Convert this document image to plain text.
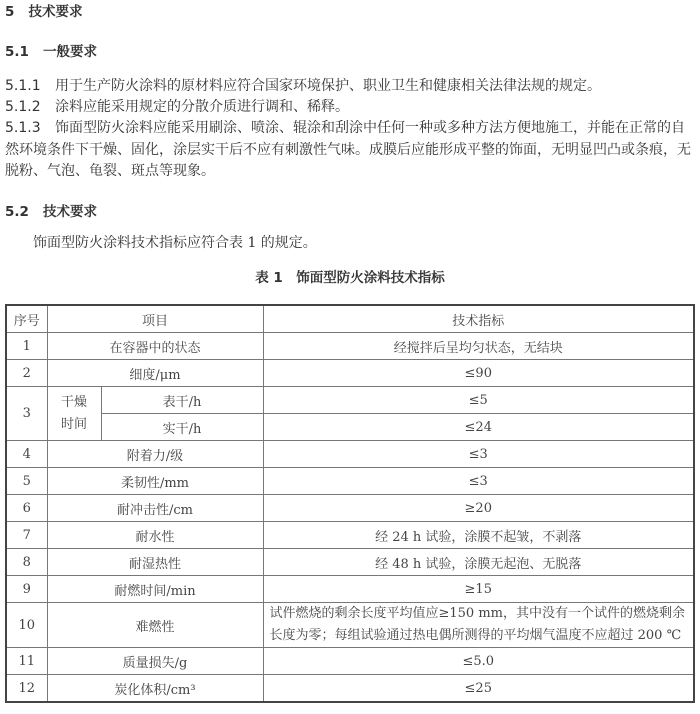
5 技术要求
5.1 一般要求
5.1.1 用于生产防火涂料的原材料应符合国家环境保护、职业卫生和健康相关法律法规的规定。
5.1.2 涂料应能采用规定的分散介质进行调和、稀释。
5.1.3 饰面型防火涂料应能采用刷涂、喷涂、辊涂和刮涂中任何一种或多种方法方便地施工，并能在正常的自然环境条件下干燥、固化，涂层实干后不应有刺激性气味。成膜后应能形成平整的饰面，无明显凹凸或条痕，无脱粉、气泡、龟裂、斑点等现象。
5.2 技术要求
饰面型防火涂料技术指标应符合表 1 的规定。
表 1　饰面型防火涂料技术指标
序号	项目		技术指标
1	在容器中的状态		经搅拌后呈均匀状态，无结块
2	细度/μm		≤90
3	干燥时间	表干/h	≤5
		实干/h	≤24
4	附着力/级		≤3
5	柔韧性/mm		≤3
6	耐冲击性/cm		≥20
7	耐水性		经 24 h 试验，涂膜不起皱，不剥落
8	耐湿热性		经 48 h 试验，涂膜无起泡、无脱落
9	耐燃时间/min		≥15
10	难燃性		试件燃烧的剩余长度平均值应≥150 mm，其中没有一个试件的燃烧剩余长度为零；每组试验通过热电偶所测得的平均烟气温度不应超过 200 ℃
11	质量损失/g		≤5.0
12	炭化体积/cm³		≤25
